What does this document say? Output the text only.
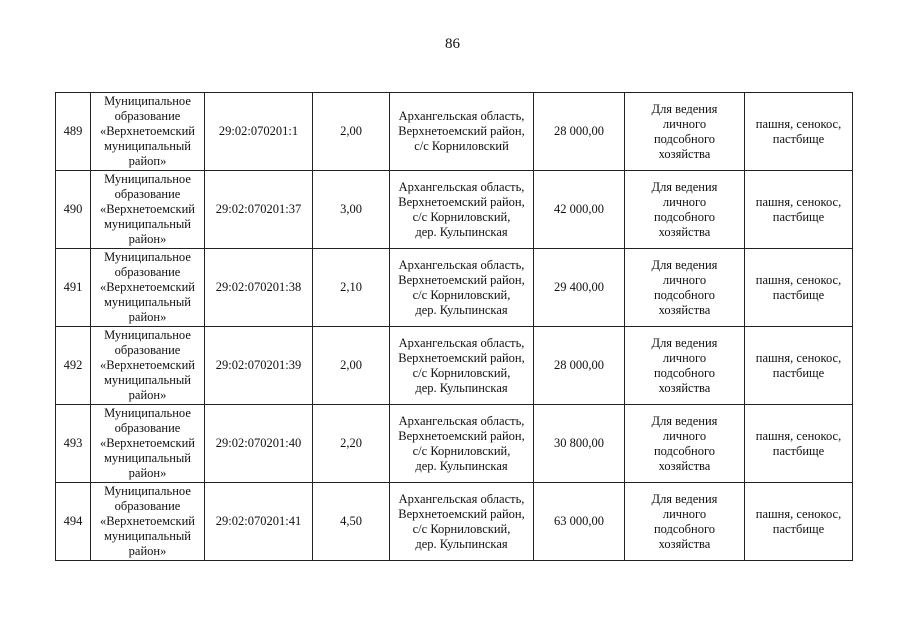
86
489	Муниципальное
образование
«Верхнетоемский
муниципальный
райоп»	29:02:070201:1	2,00	Архангельская область,
Верхнетоемский район,
с/с Корниловский	28 000,00	Для ведения
личного
подсобного
хозяйства	пашня, сенокос,
пастбище
490	Муниципальное
образование
«Верхнетоемский
муниципальный
район»	29:02:070201:37	3,00	Архангельская область,
Верхнетоемский район,
с/с Корниловский,
дер. Кульпинская	42 000,00	Для ведения
личного
подсобного
хозяйства	пашня, сенокос,
пастбище
491	Муниципальное
образование
«Верхнетоемский
муниципальный
район»	29:02:070201:38	2,10	Архангельская область,
Верхнетоемский район,
с/с Корниловский,
дер. Кульпинская	29 400,00	Для ведения
личного
подсобного
хозяйства	пашня, сенокос,
пастбище
492	Муниципальное
образование
«Верхнетоемский
муниципальный
район»	29:02:070201:39	2,00	Архангельская область,
Верхнетоемский район,
с/с Корниловский,
дер. Кульпинская	28 000,00	Для ведения
личного
подсобного
хозяйства	пашня, сенокос,
пастбище
493	Муниципальное
образование
«Верхнетоемский
муниципальный
район»	29:02:070201:40	2,20	Архангельская область,
Верхнетоемский район,
с/с Корниловский,
дер. Кульпинская	30 800,00	Для ведения
личного
подсобного
хозяйства	пашня, сенокос,
пастбище
494	Муниципальное
образование
«Верхнетоемский
муниципальный
район»	29:02:070201:41	4,50	Архангельская область,
Верхнетоемский район,
с/с Корниловский,
дер. Кульпинская	63 000,00	Для ведения
личного
подсобного
хозяйства	пашня, сенокос,
пастбище
